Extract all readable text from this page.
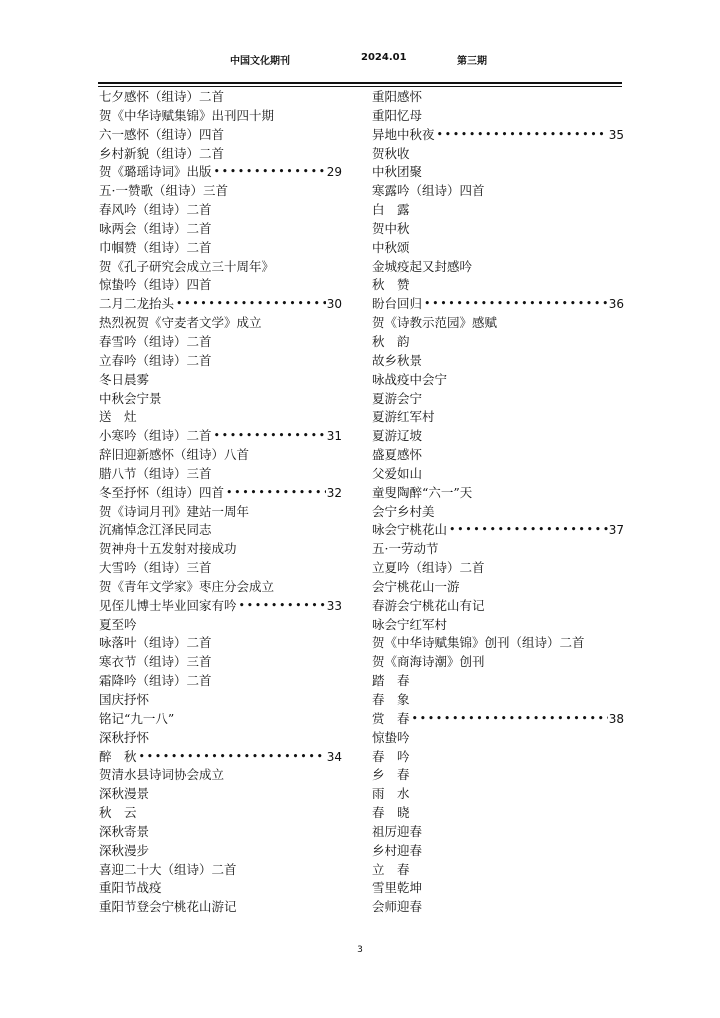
中国文化期刊	2024.01	第三期
七夕感怀（组诗）二首
贺《中华诗赋集锦》出刊四十期
六一感怀（组诗）四首
乡村新貌（组诗）二首
贺《璐瑶诗词》出版 •••••	29
五·一赞歌（组诗）三首
春风吟（组诗）二首
咏两会（组诗）二首
巾帼赞（组诗）二首
贺《孔子研究会成立三十周年》
惊蛰吟（组诗）四首
二月二龙抬头 •••••	30
热烈祝贺《守麦者文学》成立
春雪吟（组诗）二首
立春吟（组诗）二首
冬日晨雾
中秋会宁景
送　灶
小寒吟（组诗）二首 •••••	31
辞旧迎新感怀（组诗）八首
腊八节（组诗）三首
冬至抒怀（组诗）四首 •••••	32
贺《诗词月刊》建站一周年
沉痛悼念江泽民同志
贺神舟十五发射对接成功
大雪吟（组诗）三首
贺《青年文学家》枣庄分会成立
见侄儿博士毕业回家有吟 •••••	33
夏至吟
咏落叶（组诗）二首
寒衣节（组诗）三首
霜降吟（组诗）二首
国庆抒怀
铭记“九一八”
深秋抒怀
醉　秋 •••••	34
贺清水县诗词协会成立
深秋漫景
秋　云
深秋寄景
深秋漫步
喜迎二十大（组诗）二首
重阳节战疫
重阳节登会宁桃花山游记
重阳感怀
重阳忆母
异地中秋夜 •••••	35
贺秋收
中秋团聚
寒露吟（组诗）四首
白　露
贺中秋
中秋颂
金城疫起又封感吟
秋　赞
盼台回归 •••••	36
贺《诗教示范园》感赋
秋　韵
故乡秋景
咏战疫中会宁
夏游会宁
夏游红军村
夏游辽坡
盛夏感怀
父爱如山
童叟陶醉“六一”天
会宁乡村美
咏会宁桃花山 •••••	37
五·一劳动节
立夏吟（组诗）二首
会宁桃花山一游
春游会宁桃花山有记
咏会宁红军村
贺《中华诗赋集锦》创刊（组诗）二首
贺《商海诗潮》创刊
踏　春
春　象
赏　春 •••••	38
惊蛰吟
春　吟
乡　春
雨　水
春　晓
祖厉迎春
乡村迎春
立　春
雪里乾坤
会师迎春
3
